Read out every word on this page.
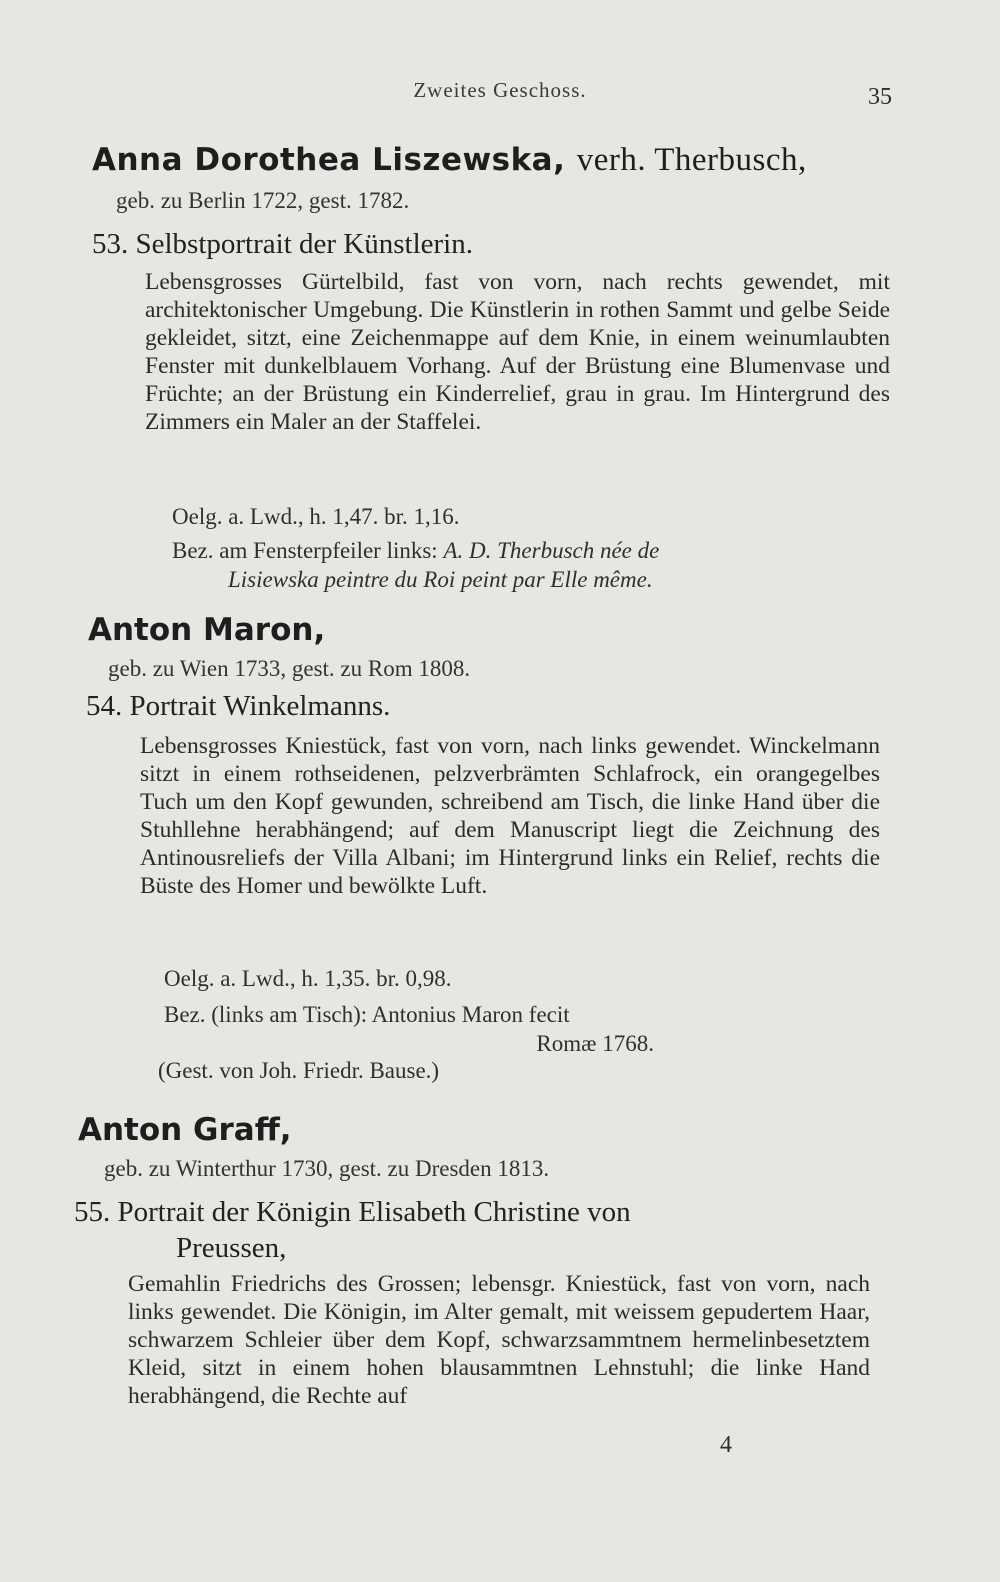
Zweites Geschoss.	35
Anna Dorothea Liszewska, verh. Therbusch,
geb. zu Berlin 1722, gest. 1782.
53. Selbstportrait der Künstlerin.
Lebensgrosses Gürtelbild, fast von vorn, nach rechts gewendet, mit architektonischer Umgebung. Die Künstlerin in rothen Sammt und gelbe Seide gekleidet, sitzt, eine Zeichenmappe auf dem Knie, in einem weinumlaubten Fenster mit dunkelblauem Vorhang. Auf der Brüstung eine Blumenvase und Früchte; an der Brüstung ein Kinderrelief, grau in grau. Im Hintergrund des Zimmers ein Maler an der Staffelei.
Oelg. a. Lwd., h. 1,47. br. 1,16.
Bez. am Fensterpfeiler links: A. D. Therbusch née de
Lisiewska peintre du Roi peint par Elle même.
Anton Maron,
geb. zu Wien 1733, gest. zu Rom 1808.
54. Portrait Winkelmanns.
Lebensgrosses Kniestück, fast von vorn, nach links gewendet. Winckelmann sitzt in einem rothseidenen, pelzverbrämten Schlafrock, ein orangegelbes Tuch um den Kopf gewunden, schreibend am Tisch, die linke Hand über die Stuhllehne herabhängend; auf dem Manuscript liegt die Zeichnung des Antinousreliefs der Villa Albani; im Hintergrund links ein Relief, rechts die Büste des Homer und bewölkte Luft.
Oelg. a. Lwd., h. 1,35. br. 0,98.
Bez. (links am Tisch): Antonius Maron fecit
Romæ 1768.
(Gest. von Joh. Friedr. Bause.)
Anton Graff,
geb. zu Winterthur 1730, gest. zu Dresden 1813.
55. Portrait der Königin Elisabeth Christine von
Preussen,
Gemahlin Friedrichs des Grossen; lebensgr. Kniestück, fast von vorn, nach links gewendet. Die Königin, im Alter gemalt, mit weissem gepudertem Haar, schwarzem Schleier über dem Kopf, schwarzsammtnem hermelinbesetztem Kleid, sitzt in einem hohen blausammtnen Lehnstuhl; die linke Hand herabhängend, die Rechte auf
4
